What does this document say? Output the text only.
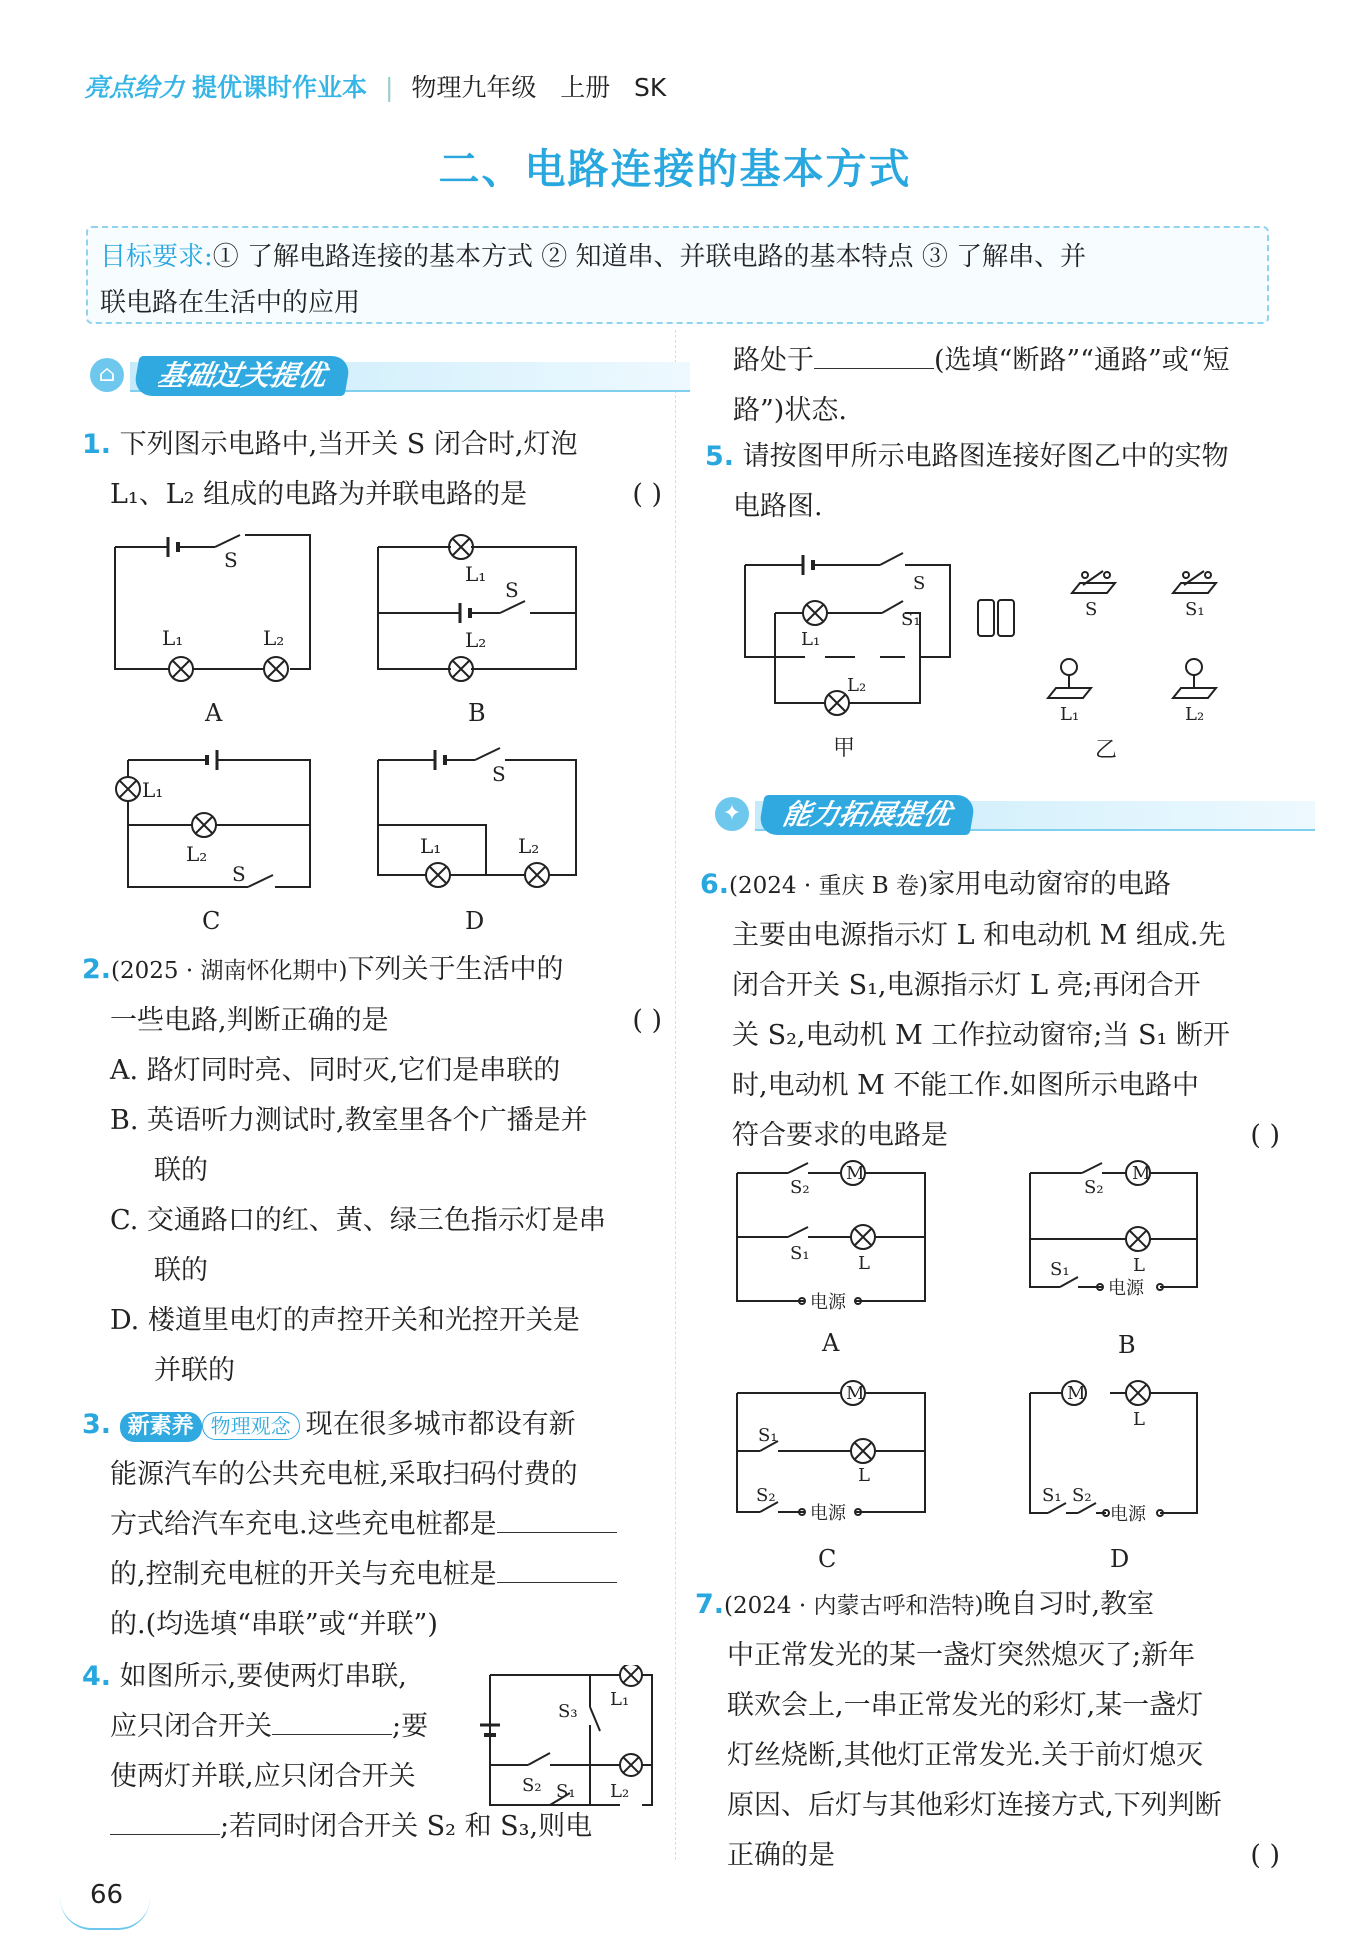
亮点给力 提优课时作业本 | 物理九年级 上册 SK
二、电路连接的基本方式
目标要求:① 了解电路连接的基本方式 ② 知道串、并联电路的基本特点 ③ 了解串、并
联电路在生活中的应用
⌂	基础过关提优
1. 下列图示电路中,当开关 S 闭合时,灯泡
L₁、L₂ 组成的电路为并联电路的是	( )
S
L₁	L₂
A
L₁
S
L₂
B
L₁
L₂
S
C
S
L₁	L₂
D
2.(2025 · 湖南怀化期中)下列关于生活中的
一些电路,判断正确的是	( )
A. 路灯同时亮、同时灭,它们是串联的
B. 英语听力测试时,教室里各个广播是并
联的
C. 交通路口的红、黄、绿三色指示灯是串
联的
D. 楼道里电灯的声控开关和光控开关是
并联的
3. 新素养 物理观念 现在很多城市都设有新
能源汽车的公共充电桩,采取扫码付费的
方式给汽车充电.这些充电桩都是
的,控制充电桩的开关与充电桩是
的.(均选填“串联”或“并联”)
4. 如图所示,要使两灯串联,
应只闭合开关	;要
使两灯并联,应只闭合开关
;若同时闭合开关 S₂ 和 S₃,则电
S₃
L₁
S₂ S₁ L₂
66
路处于	(选填“断路”“通路”或“短
路”)状态.
5. 请按图甲所示电路图连接好图乙中的实物
电路图.
S
S₁
L₁
L₂
甲
S	S₁
L₁	L₂
乙
✦	能力拓展提优
6.(2024 · 重庆 B 卷)家用电动窗帘的电路
主要由电源指示灯 L 和电动机 M 组成.先
闭合开关 S₁,电源指示灯 L 亮;再闭合开
关 S₂,电动机 M 工作拉动窗帘;当 S₁ 断开
时,电动机 M 不能工作.如图所示电路中
符合要求的电路是	( )
M	M
M	M
S₂
S₁	L
电源
A
S₂
L
S₁
电源
B
S₁
L
S₂
电源
C
L
S₁ S₂
电源
D
7.(2024 · 内蒙古呼和浩特)晚自习时,教室
中正常发光的某一盏灯突然熄灭了;新年
联欢会上,一串正常发光的彩灯,某一盏灯
灯丝烧断,其他灯正常发光.关于前灯熄灭
原因、后灯与其他彩灯连接方式,下列判断
正确的是	( )
